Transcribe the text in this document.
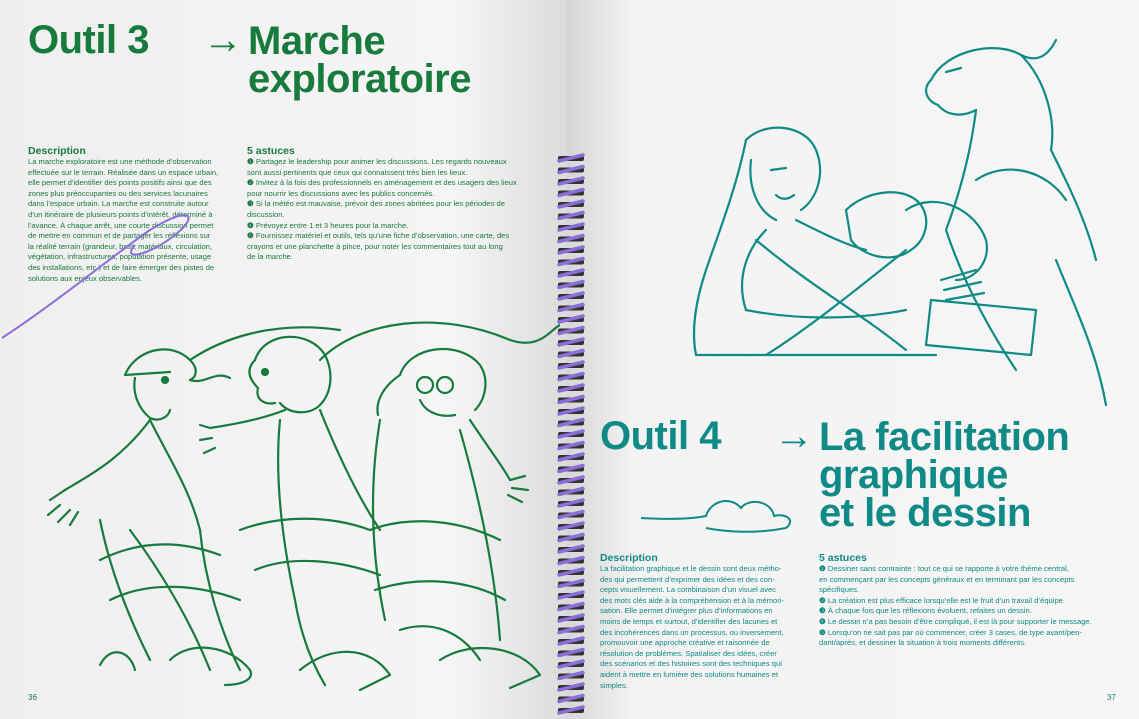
Outil 3 → Marche
exploratoire
Description

La marche exploratoire est une méthode d’observation

effectuée sur le terrain. Réalisée dans un espace urbain,

elle permet d’identifier des points positifs ainsi que des

zones plus préoccupantes ou des services lacunaires

dans l’espace urbain. La marche est construite autour

d’un itinéraire de plusieurs points d’intérêt, déterminé à

l’avance. À chaque arrêt, une courte discussion permet

de mettre en commun et de partager les réflexions sur

la réalité terrain (grandeur, bruit, matériaux, circulation,

végétation, infrastructures, population présente, usage

des installations, etc.) et de faire émerger des pistes de

solutions aux enjeux observables.

5 astuces

❶ Partagez le leadership pour animer les discussions. Les regards nouveaux

sont aussi pertinents que ceux qui connaissent très bien les lieux.

❷ Invitez à la fois des professionnels en aménagement et des usagers des lieux

pour nourrir les discussions avec les publics concernés.

❸ Si la météo est mauvaise, prévoir des zones abritées pour les périodes de

discussion.

❹ Prévoyez entre 1 et 3 heures pour la marche.

❺ Fournissez matériel et outils, tels qu’une fiche d’observation, une carte, des

crayons et une planchette à pince, pour noter les commentaires tout au long

de la marche.

36
Outil 4 → La facilitation
graphique
et le dessin
Description

La facilitation graphique et le dessin sont deux métho-

des qui permettent d’exprimer des idées et des con-

cepts visuellement. La combinaison d’un visuel avec

des mots clés aide à la compréhension et à la mémori-

sation. Elle permet d’intégrer plus d’informations en

moins de temps et surtout, d’identifier des lacunes et

des incohérences dans un processus, ou inversement,

promouvoir une approche créative et raisonnée de

résolution de problèmes. Spatialiser des idées, créer

des scénarios et des histoires sont des techniques qui

aident à mettre en lumière des solutions humaines et

simples.

5 astuces

❶ Dessiner sans contrainte : tout ce qui se rapporte à votre thème central,

en commençant par les concepts généraux et en terminant par les concepts

spécifiques.

❷ La création est plus efficace lorsqu’elle est le fruit d’un travail d’équipe.

❸ À chaque fois que les réflexions évoluent, refaites un dessin.

❹ Le dessin n’a pas besoin d’être compliqué, il est là pour supporter le message.

❺ Lorsqu’on ne sait pas par où commencer, créer 3 cases, de type avant/pen-

dant/après, et dessiner la situation à trois moments différents.

37
